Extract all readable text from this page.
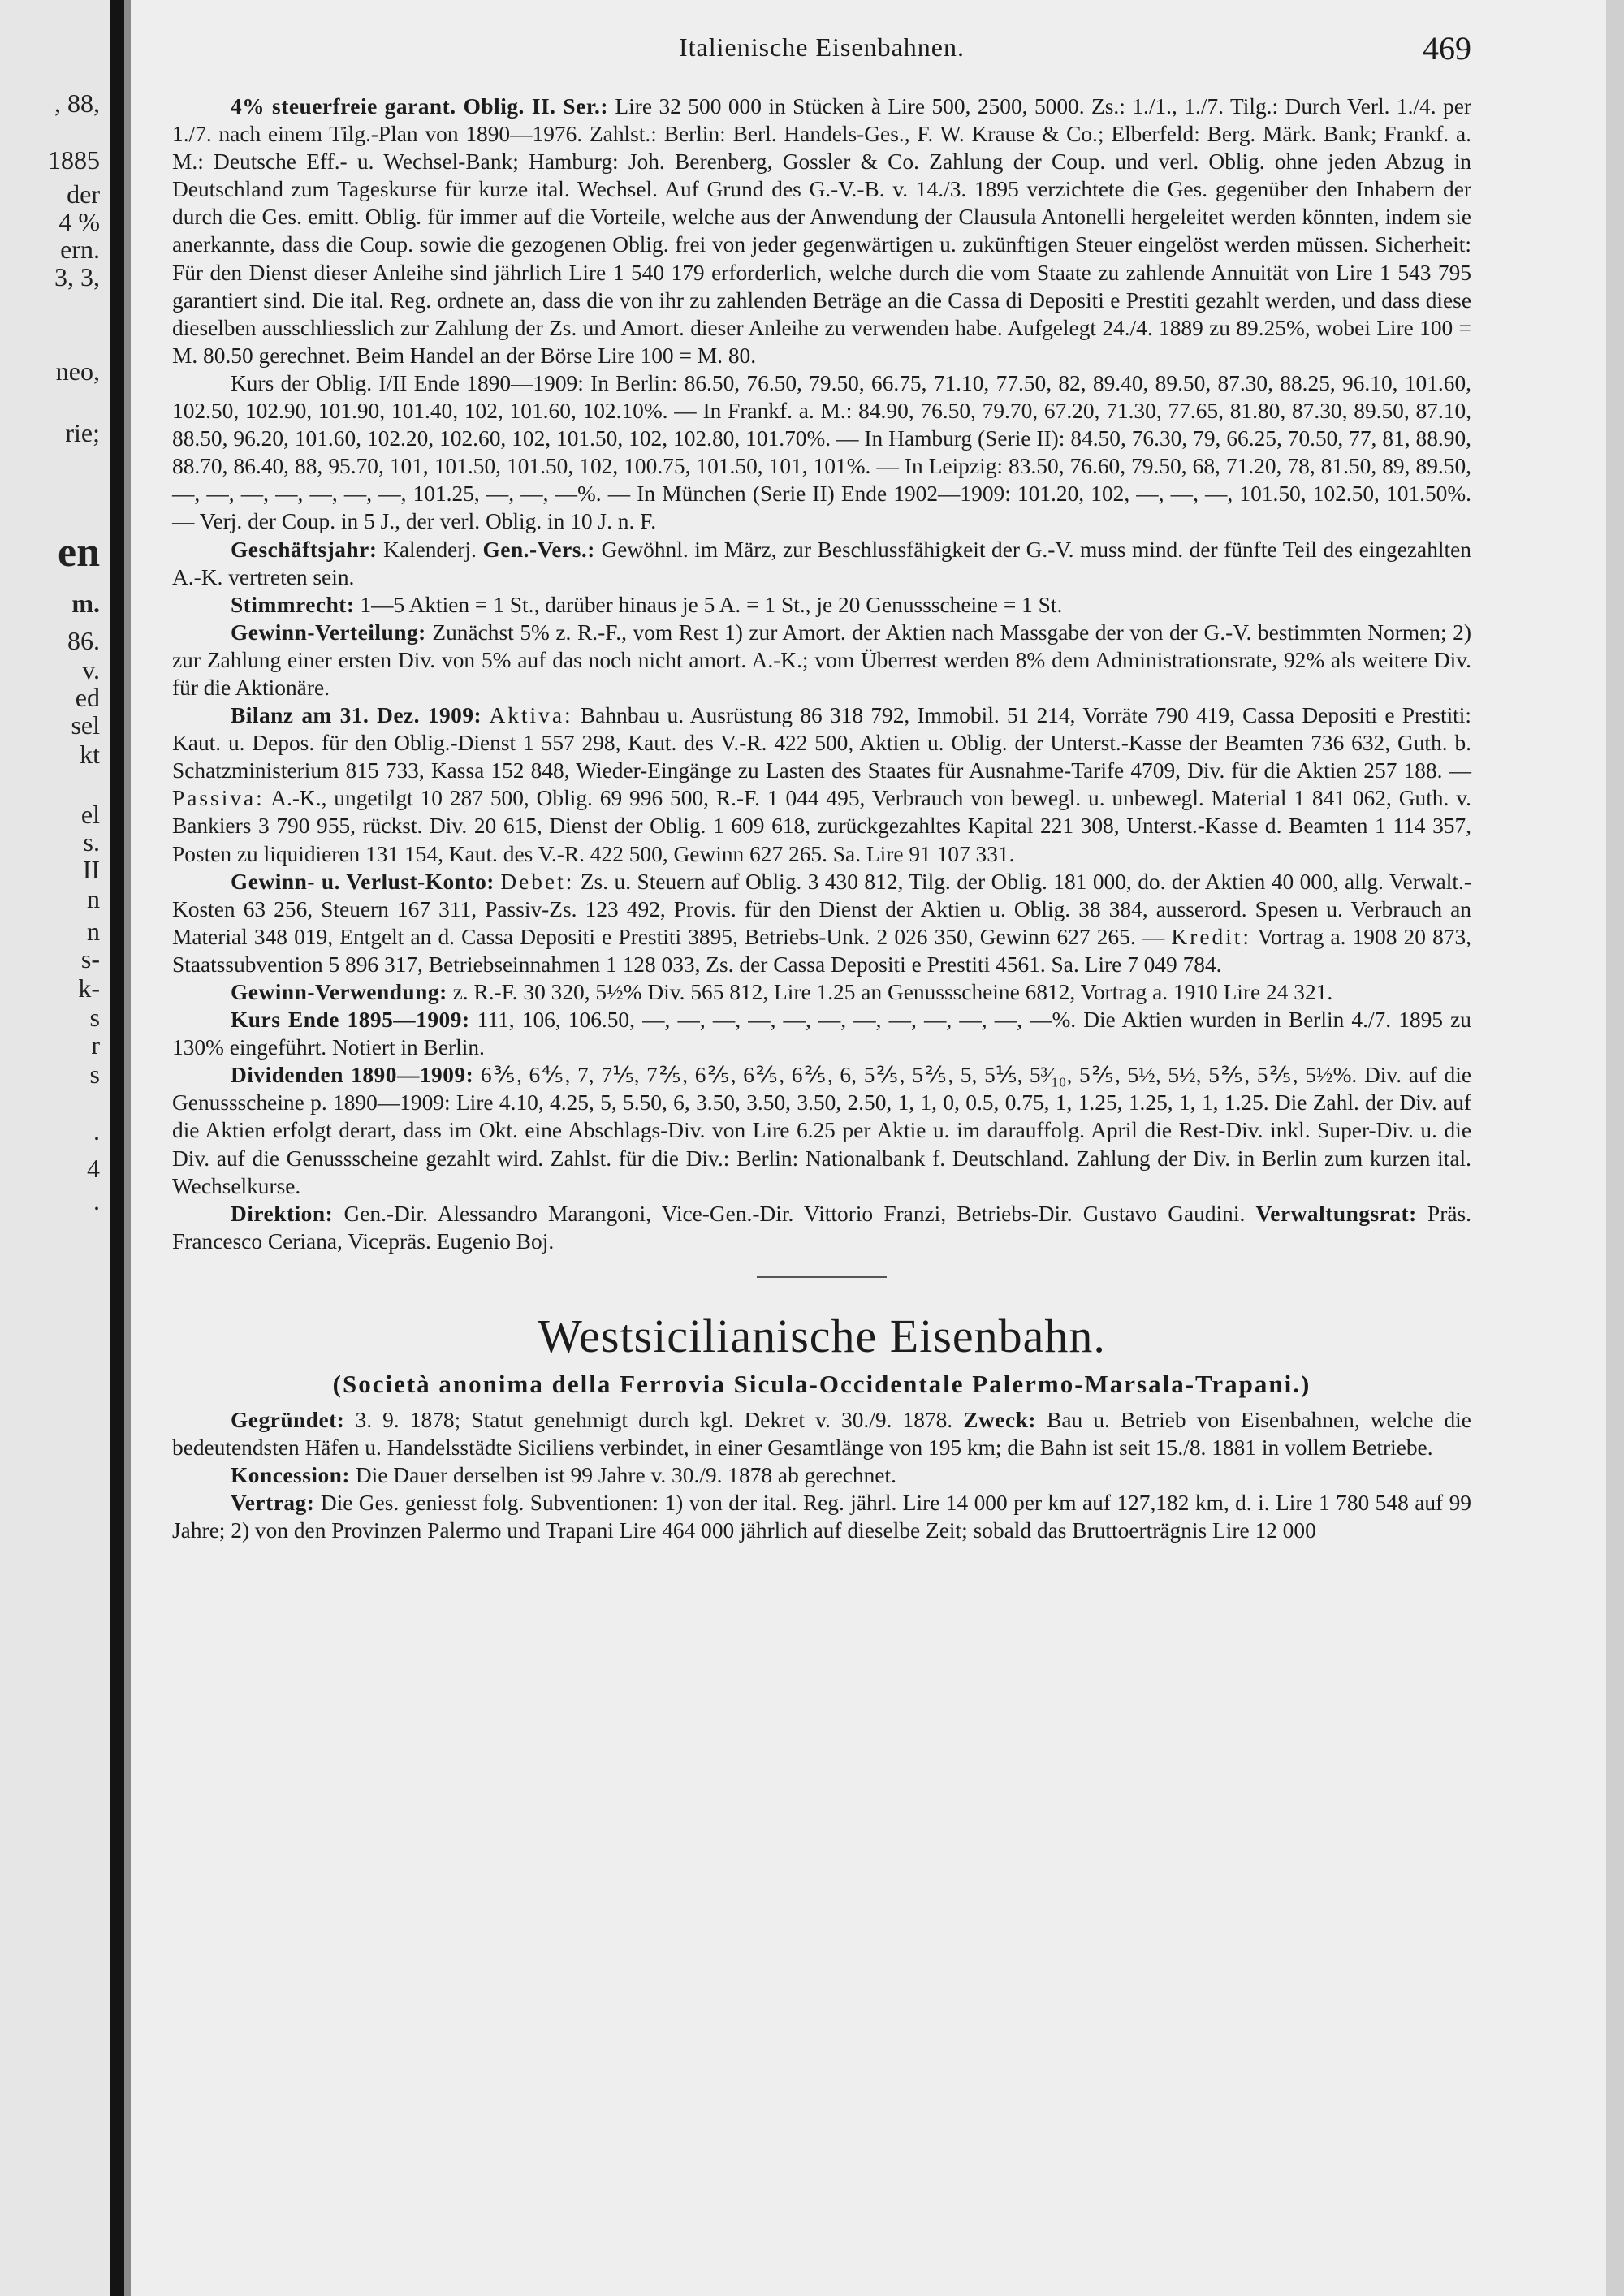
, 88,
1885
der
4 %
ern.
3, 3,
neo,
rie;
en
m.
86.
v.
ed
sel
kt
el
s.
II
n
n
s-
k-
s
r
s
.
4
.
Italienische Eisenbahnen.	469

4% steuerfreie garant. Oblig. II. Ser.: Lire 32 500 000 in Stücken à Lire 500, 2500, 5000. Zs.: 1./1., 1./7. Tilg.: Durch Verl. 1./4. per 1./7. nach einem Tilg.-Plan von 1890—1976. Zahlst.: Berlin: Berl. Handels-Ges., F. W. Krause & Co.; Elberfeld: Berg. Märk. Bank; Frankf. a. M.: Deutsche Eff.- u. Wechsel-Bank; Hamburg: Joh. Berenberg, Gossler & Co. Zahlung der Coup. und verl. Oblig. ohne jeden Abzug in Deutschland zum Tageskurse für kurze ital. Wechsel. Auf Grund des G.-V.-B. v. 14./3. 1895 verzichtete die Ges. gegenüber den Inhabern der durch die Ges. emitt. Oblig. für immer auf die Vorteile, welche aus der Anwendung der Clausula Antonelli hergeleitet werden könnten, indem sie anerkannte, dass die Coup. sowie die gezogenen Oblig. frei von jeder gegenwärtigen u. zukünftigen Steuer eingelöst werden müssen. Sicherheit: Für den Dienst dieser Anleihe sind jährlich Lire 1 540 179 erforderlich, welche durch die vom Staate zu zahlende Annuität von Lire 1 543 795 garantiert sind. Die ital. Reg. ordnete an, dass die von ihr zu zahlenden Beträge an die Cassa di Depositi e Prestiti gezahlt werden, und dass diese dieselben ausschliesslich zur Zahlung der Zs. und Amort. dieser Anleihe zu verwenden habe. Aufgelegt 24./4. 1889 zu 89.25%, wobei Lire 100 = M. 80.50 gerechnet. Beim Handel an der Börse Lire 100 = M. 80.

Kurs der Oblig. I/II Ende 1890—1909: In Berlin: 86.50, 76.50, 79.50, 66.75, 71.10, 77.50, 82, 89.40, 89.50, 87.30, 88.25, 96.10, 101.60, 102.50, 102.90, 101.90, 101.40, 102, 101.60, 102.10%. — In Frankf. a. M.: 84.90, 76.50, 79.70, 67.20, 71.30, 77.65, 81.80, 87.30, 89.50, 87.10, 88.50, 96.20, 101.60, 102.20, 102.60, 102, 101.50, 102, 102.80, 101.70%. — In Hamburg (Serie II): 84.50, 76.30, 79, 66.25, 70.50, 77, 81, 88.90, 88.70, 86.40, 88, 95.70, 101, 101.50, 101.50, 102, 100.75, 101.50, 101, 101%. — In Leipzig: 83.50, 76.60, 79.50, 68, 71.20, 78, 81.50, 89, 89.50, —, —, —, —, —, —, —, 101.25, —, —, —%. — In München (Serie II) Ende 1902—1909: 101.20, 102, —, —, —, 101.50, 102.50, 101.50%. — Verj. der Coup. in 5 J., der verl. Oblig. in 10 J. n. F.

Geschäftsjahr: Kalenderj. Gen.-Vers.: Gewöhnl. im März, zur Beschlussfähigkeit der G.-V. muss mind. der fünfte Teil des eingezahlten A.-K. vertreten sein.

Stimmrecht: 1—5 Aktien = 1 St., darüber hinaus je 5 A. = 1 St., je 20 Genussscheine = 1 St.

Gewinn-Verteilung: Zunächst 5% z. R.-F., vom Rest 1) zur Amort. der Aktien nach Massgabe der von der G.-V. bestimmten Normen; 2) zur Zahlung einer ersten Div. von 5% auf das noch nicht amort. A.-K.; vom Überrest werden 8% dem Administrationsrate, 92% als weitere Div. für die Aktionäre.

Bilanz am 31. Dez. 1909: Aktiva: Bahnbau u. Ausrüstung 86 318 792, Immobil. 51 214, Vorräte 790 419, Cassa Depositi e Prestiti: Kaut. u. Depos. für den Oblig.-Dienst 1 557 298, Kaut. des V.-R. 422 500, Aktien u. Oblig. der Unterst.-Kasse der Beamten 736 632, Guth. b. Schatzministerium 815 733, Kassa 152 848, Wieder-Eingänge zu Lasten des Staates für Ausnahme-Tarife 4709, Div. für die Aktien 257 188. — Passiva: A.-K., ungetilgt 10 287 500, Oblig. 69 996 500, R.-F. 1 044 495, Verbrauch von bewegl. u. unbewegl. Material 1 841 062, Guth. v. Bankiers 3 790 955, rückst. Div. 20 615, Dienst der Oblig. 1 609 618, zurückgezahltes Kapital 221 308, Unterst.-Kasse d. Beamten 1 114 357, Posten zu liquidieren 131 154, Kaut. des V.-R. 422 500, Gewinn 627 265. Sa. Lire 91 107 331.

Gewinn- u. Verlust-Konto: Debet: Zs. u. Steuern auf Oblig. 3 430 812, Tilg. der Oblig. 181 000, do. der Aktien 40 000, allg. Verwalt.-Kosten 63 256, Steuern 167 311, Passiv-Zs. 123 492, Provis. für den Dienst der Aktien u. Oblig. 38 384, ausserord. Spesen u. Verbrauch an Material 348 019, Entgelt an d. Cassa Depositi e Prestiti 3895, Betriebs-Unk. 2 026 350, Gewinn 627 265. — Kredit: Vortrag a. 1908 20 873, Staatssubvention 5 896 317, Betriebseinnahmen 1 128 033, Zs. der Cassa Depositi e Prestiti 4561. Sa. Lire 7 049 784.

Gewinn-Verwendung: z. R.-F. 30 320, 5½% Div. 565 812, Lire 1.25 an Genussscheine 6812, Vortrag a. 1910 Lire 24 321.

Kurs Ende 1895—1909: 111, 106, 106.50, —, —, —, —, —, —, —, —, —, —, —, —%. Die Aktien wurden in Berlin 4./7. 1895 zu 130% eingeführt. Notiert in Berlin.

Dividenden 1890—1909: 6⅗, 6⅘, 7, 7⅕, 7⅖, 6⅖, 6⅖, 6⅖, 6, 5⅖, 5⅖, 5, 5⅕, 5³⁄₁₀, 5⅖, 5½, 5½, 5⅖, 5⅖, 5½%. Div. auf die Genussscheine p. 1890—1909: Lire 4.10, 4.25, 5, 5.50, 6, 3.50, 3.50, 3.50, 2.50, 1, 1, 0, 0.5, 0.75, 1, 1.25, 1.25, 1, 1, 1.25. Die Zahl. der Div. auf die Aktien erfolgt derart, dass im Okt. eine Abschlags-Div. von Lire 6.25 per Aktie u. im darauffolg. April die Rest-Div. inkl. Super-Div. u. die Div. auf die Genussscheine gezahlt wird. Zahlst. für die Div.: Berlin: Nationalbank f. Deutschland. Zahlung der Div. in Berlin zum kurzen ital. Wechselkurse.

Direktion: Gen.-Dir. Alessandro Marangoni, Vice-Gen.-Dir. Vittorio Franzi, Betriebs-Dir. Gustavo Gaudini. Verwaltungsrat: Präs. Francesco Ceriana, Vicepräs. Eugenio Boj.

Westsicilianische Eisenbahn.
(Società anonima della Ferrovia Sicula-Occidentale Palermo-Marsala-Trapani.)

Gegründet: 3. 9. 1878; Statut genehmigt durch kgl. Dekret v. 30./9. 1878. Zweck: Bau u. Betrieb von Eisenbahnen, welche die bedeutendsten Häfen u. Handelsstädte Siciliens verbindet, in einer Gesamtlänge von 195 km; die Bahn ist seit 15./8. 1881 in vollem Betriebe.

Koncession: Die Dauer derselben ist 99 Jahre v. 30./9. 1878 ab gerechnet.

Vertrag: Die Ges. geniesst folg. Subventionen: 1) von der ital. Reg. jährl. Lire 14 000 per km auf 127,182 km, d. i. Lire 1 780 548 auf 99 Jahre; 2) von den Provinzen Palermo und Trapani Lire 464 000 jährlich auf dieselbe Zeit; sobald das Bruttoerträgnis Lire 12 000
